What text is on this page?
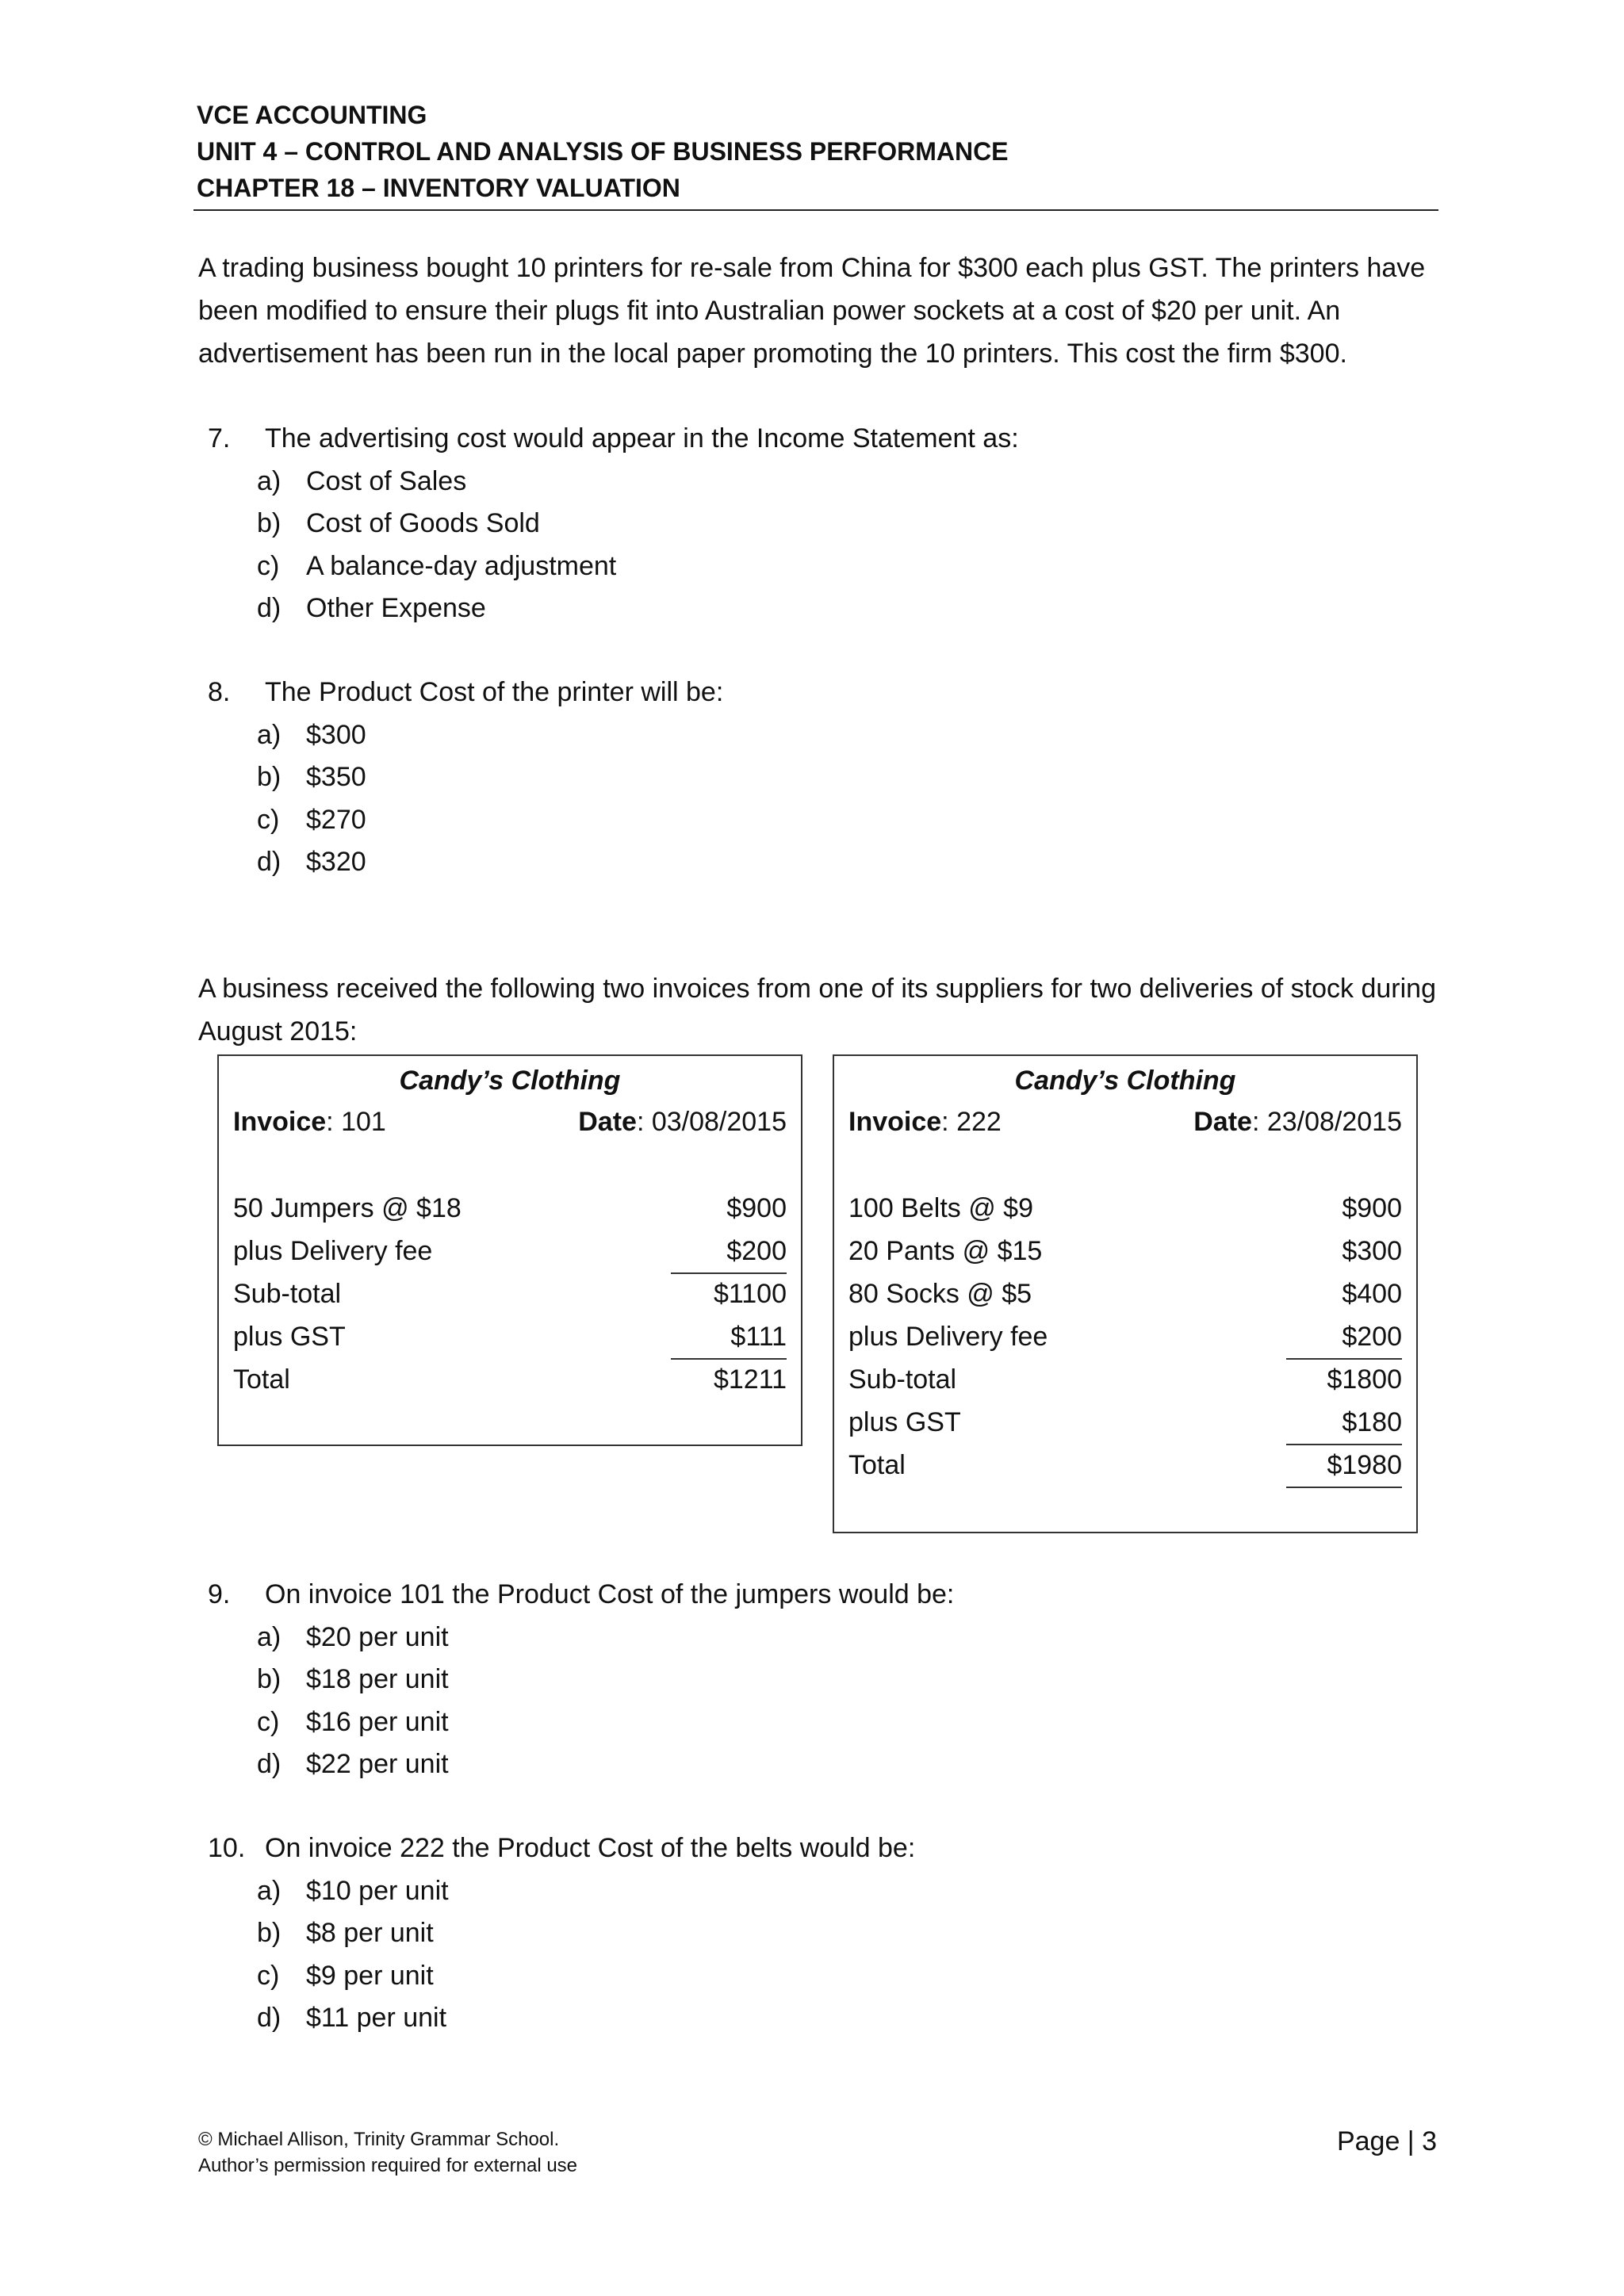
VCE ACCOUNTING
UNIT 4 – CONTROL AND ANALYSIS OF BUSINESS PERFORMANCE
CHAPTER 18 – INVENTORY VALUATION
A trading business bought 10 printers for re-sale from China for $300 each plus GST. The printers have been modified to ensure their plugs fit into Australian power sockets at a cost of $20 per unit. An advertisement has been run in the local paper promoting the 10 printers. This cost the firm $300.
7. The advertising cost would appear in the Income Statement as:
a) Cost of Sales
b) Cost of Goods Sold
c) A balance-day adjustment
d) Other Expense
8. The Product Cost of the printer will be:
a) $300
b) $350
c) $270
d) $320
A business received the following two invoices from one of its suppliers for two deliveries of stock during August 2015:
Candy’s Clothing
Invoice: 101	Date: 03/08/2015
50 Jumpers @ $18	$900
plus Delivery fee	$200
Sub-total	$1100
plus GST	$111
Total	$1211
Candy’s Clothing
Invoice: 222	Date: 23/08/2015
100 Belts @ $9	$900
20 Pants @ $15	$300
80 Socks @ $5	$400
plus Delivery fee	$200
Sub-total	$1800
plus GST	$180
Total	$1980
9. On invoice 101 the Product Cost of the jumpers would be:
a) $20 per unit
b) $18 per unit
c) $16 per unit
d) $22 per unit
10. On invoice 222 the Product Cost of the belts would be:
a) $10 per unit
b) $8 per unit
c) $9 per unit
d) $11 per unit
© Michael Allison, Trinity Grammar School.
Author’s permission required for external use
Page | 3
